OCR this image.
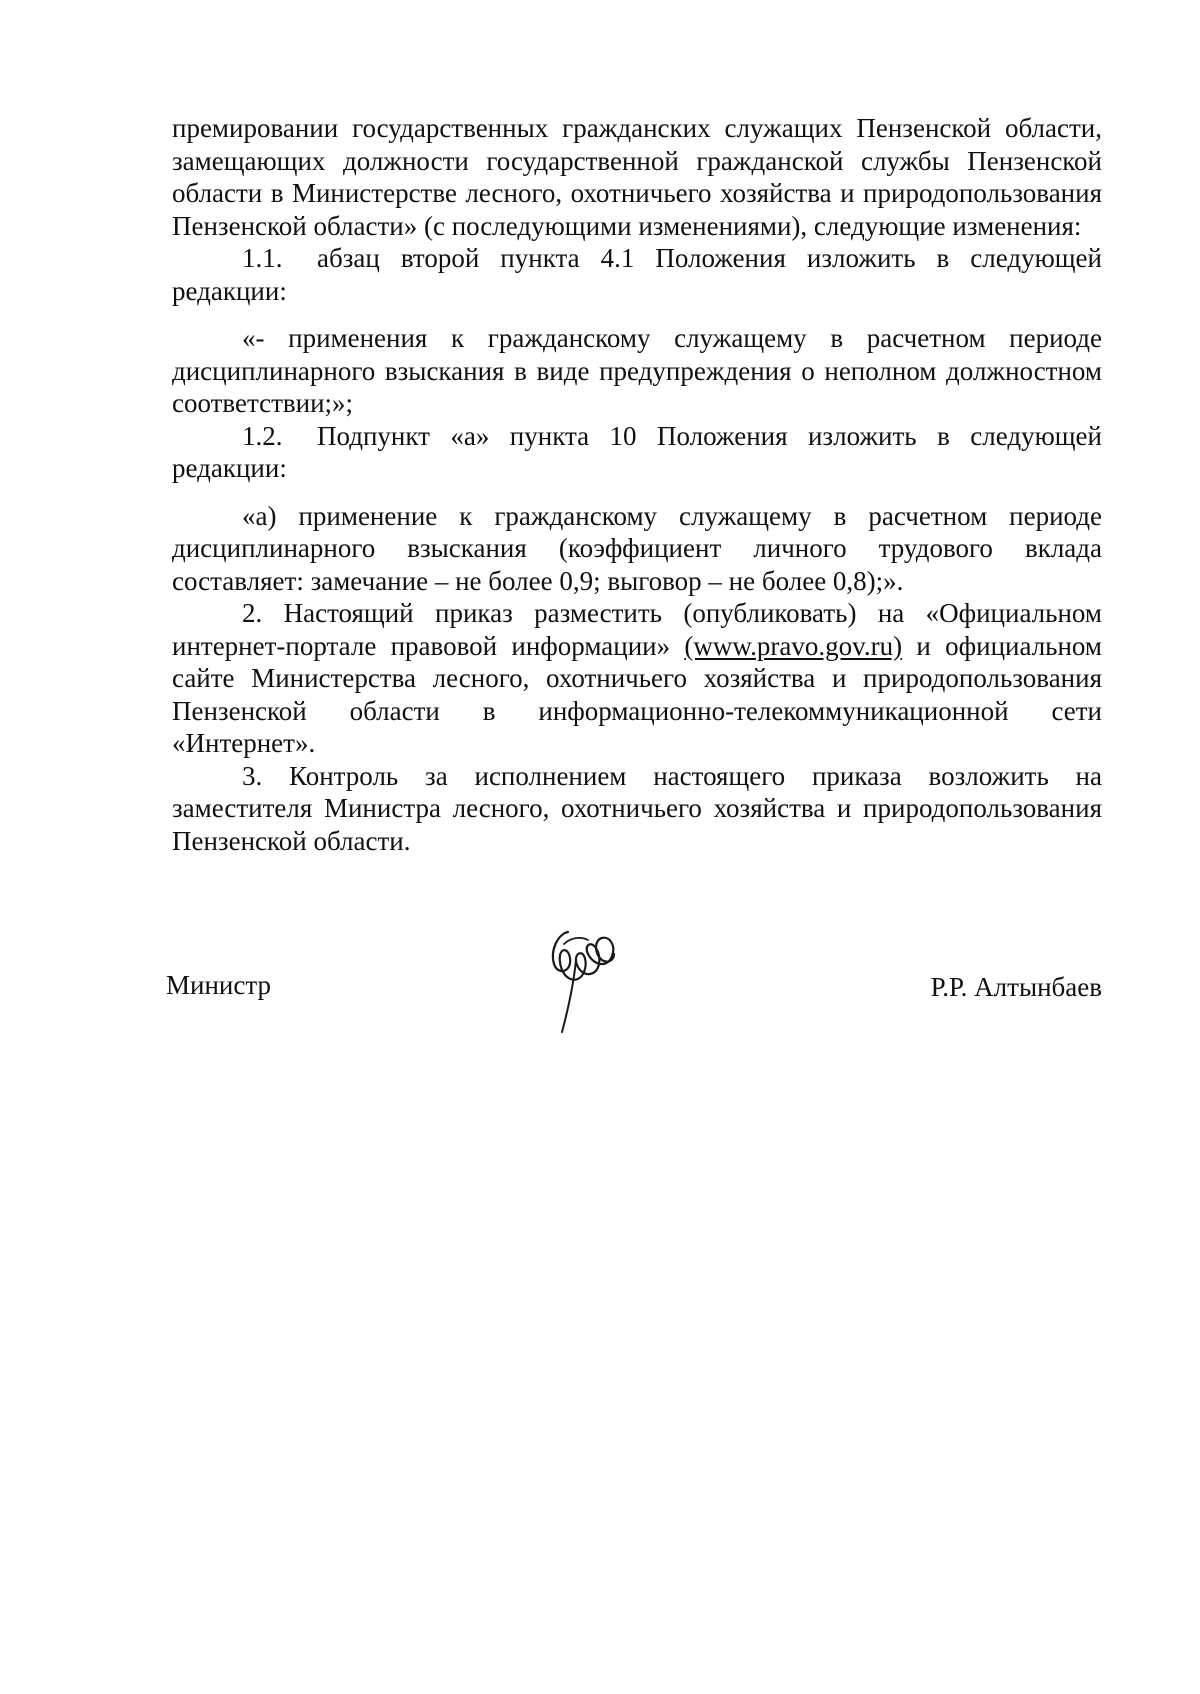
премировании государственных гражданских служащих Пензенской области, замещающих должности государственной гражданской службы Пензенской области в Министерстве лесного, охотничьего хозяйства и природопользования Пензенской области» (с последующими изменениями), следующие изменения:

1.1. абзац второй пункта 4.1 Положения изложить в следующей редакции:

«- применения к гражданскому служащему в расчетном периоде дисциплинарного взыскания в виде предупреждения о неполном должностном соответствии;»;

1.2. Подпункт «а» пункта 10 Положения изложить в следующей редакции:

«а) применение к гражданскому служащему в расчетном периоде дисциплинарного взыскания (коэффициент личного трудового вклада составляет: замечание – не более 0,9; выговор – не более 0,8);».

2. Настоящий приказ разместить (опубликовать) на «Официальном интернет-портале правовой информации» (www.pravo.gov.ru) и официальном сайте Министерства лесного, охотничьего хозяйства и природопользования Пензенской области в информационно-телекоммуникационной сети «Интернет».

3. Контроль за исполнением настоящего приказа возложить на заместителя Министра лесного, охотничьего хозяйства и природопользования Пензенской области.

Министр	Р.Р. Алтынбаев
